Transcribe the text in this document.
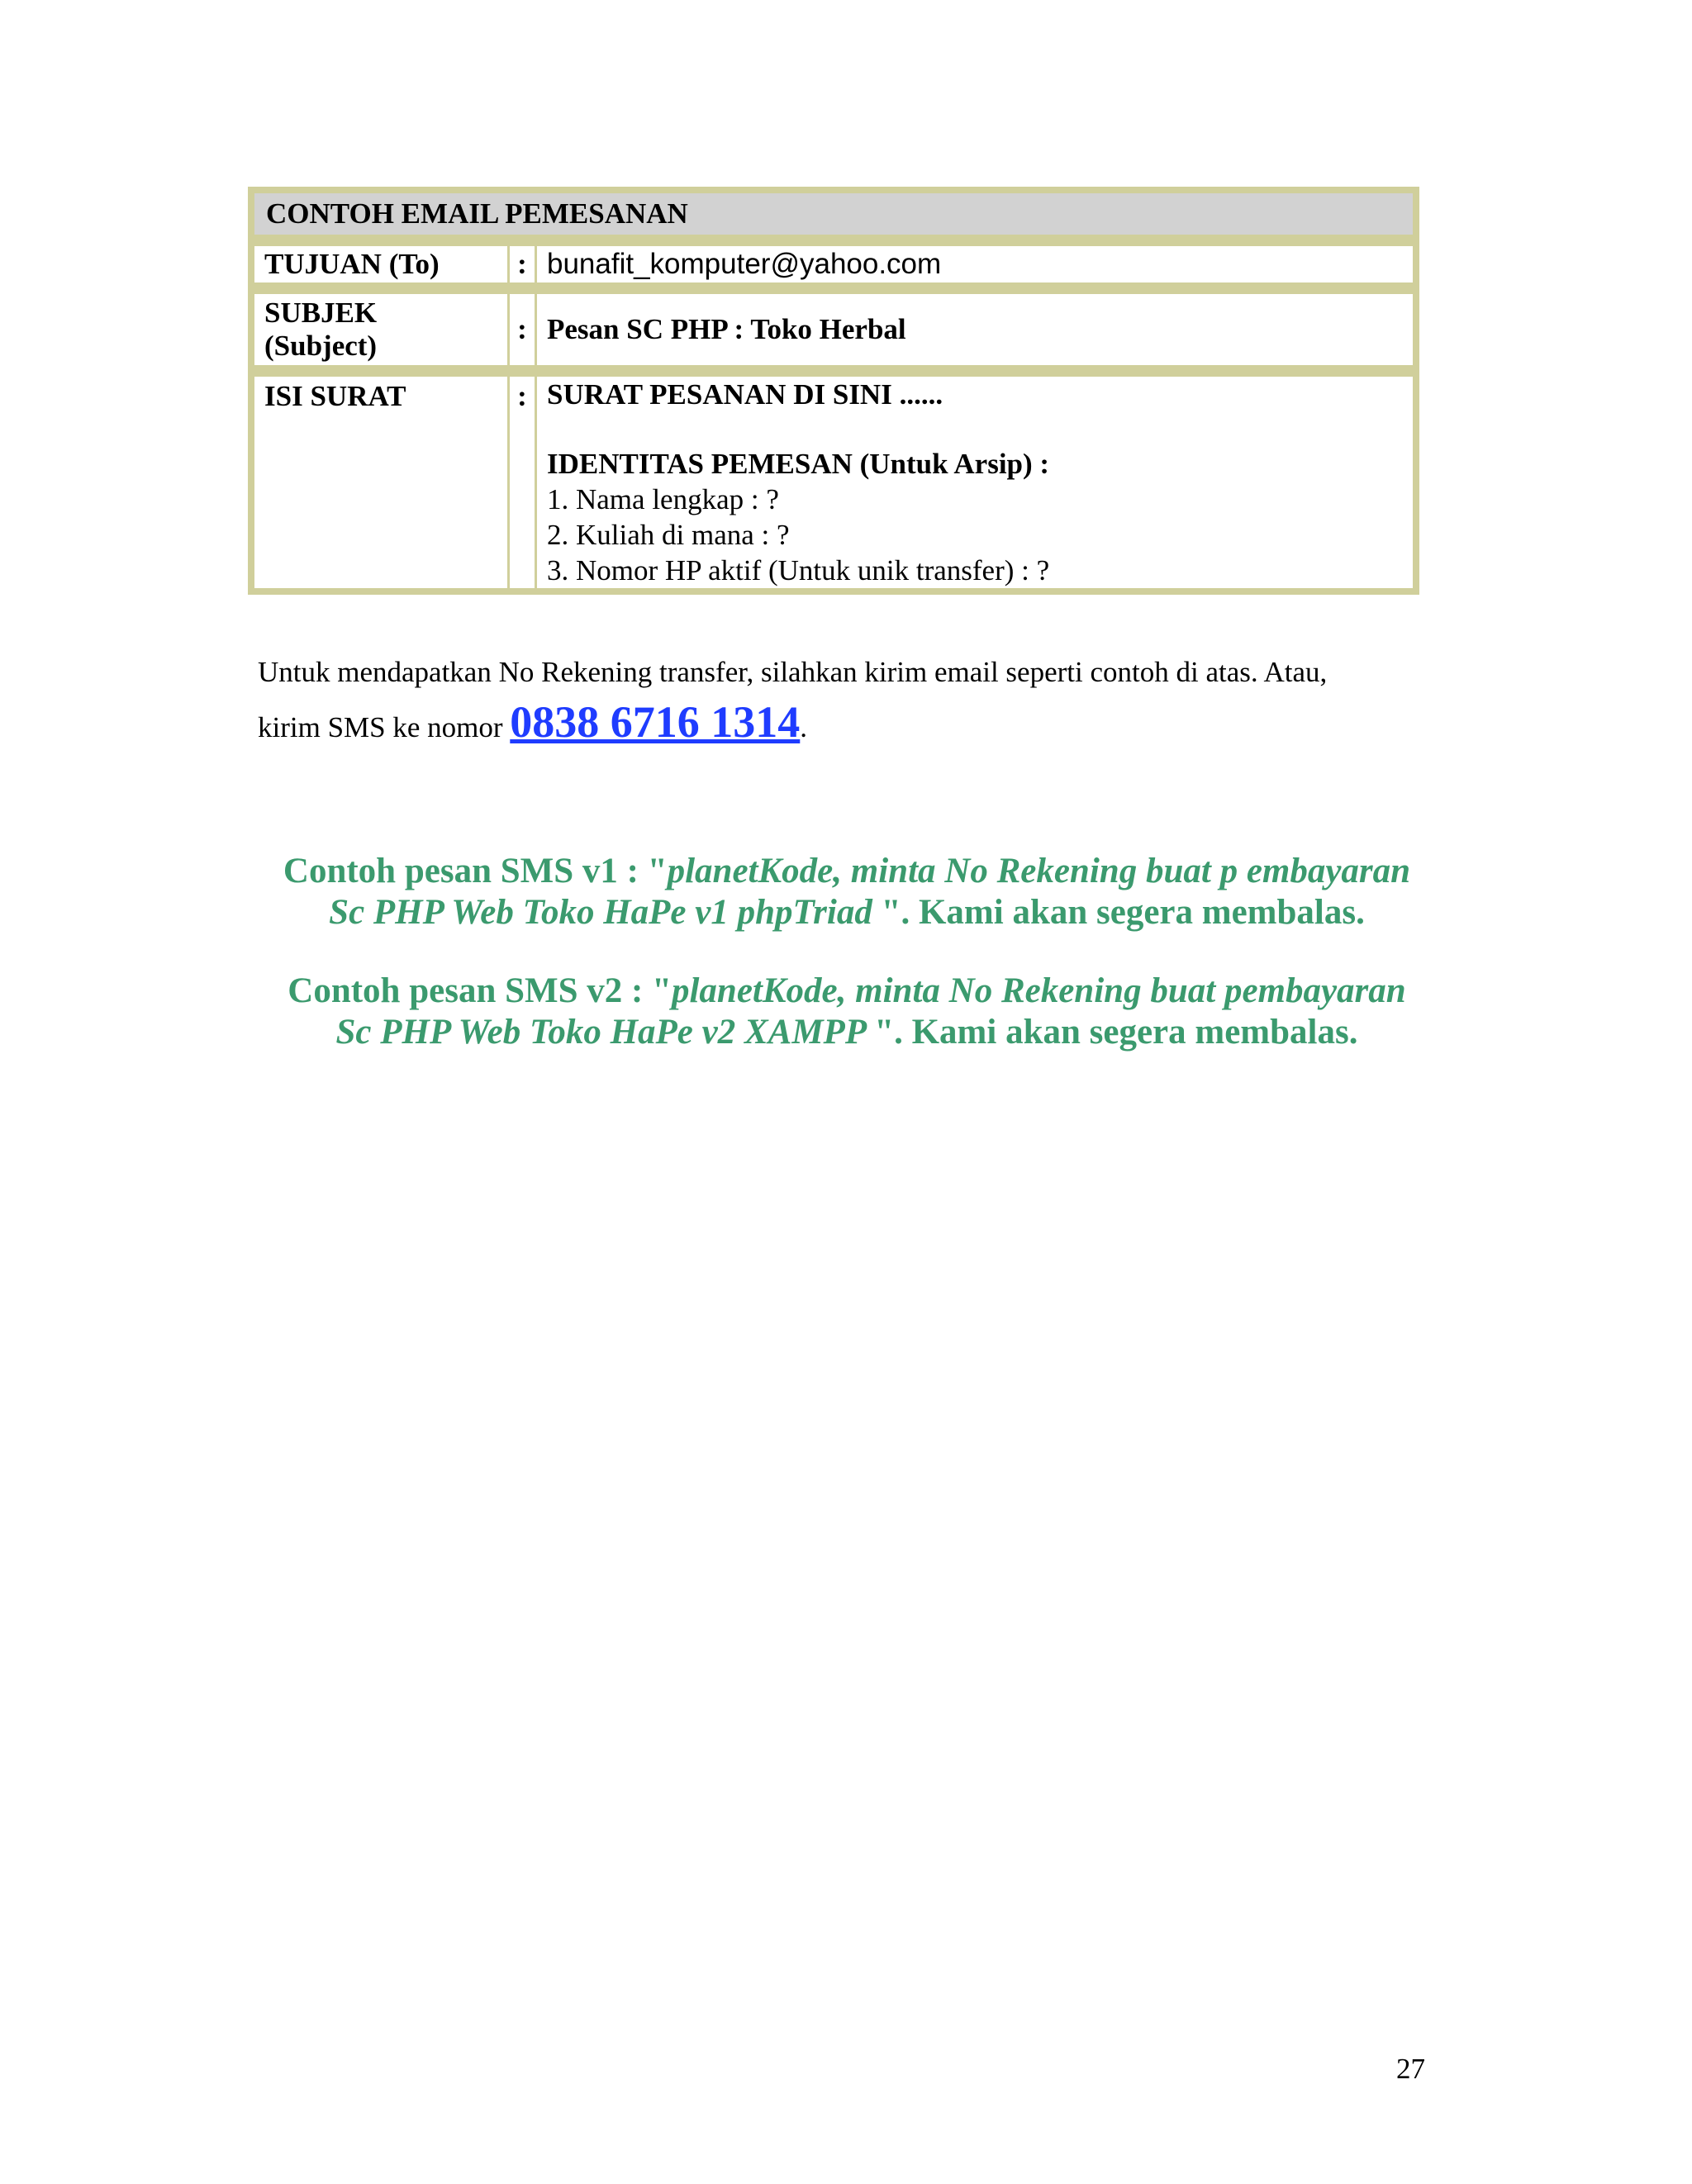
CONTOH EMAIL PEMESANAN
TUJUAN (To)	: bunafit_komputer@yahoo.com
SUBJEK
(Subject)
: Pesan SC PHP : Toko Herbal
ISI SURAT	: SURAT PESANAN DI SINI ......
IDENTITAS PEMESAN (Untuk Arsip) :
1. Nama lengkap : ?
2. Kuliah di mana : ?
3. Nomor HP aktif (Untuk unik transfer) : ?
Untuk mendapatkan No Rekening transfer, silahkan kirim email seperti contoh di atas. Atau,
kirim SMS ke nomor 0838 6716 1314.
Contoh pesan SMS v1 : "planetKode, minta No Rekening buat p embayaran
Sc PHP Web Toko HaPe v1 phpTriad ". Kami akan segera membalas.
Contoh pesan SMS v2 : "planetKode, minta No Rekening buat pembayaran
Sc PHP Web Toko HaPe v2 XAMPP ". Kami akan segera membalas.
27
